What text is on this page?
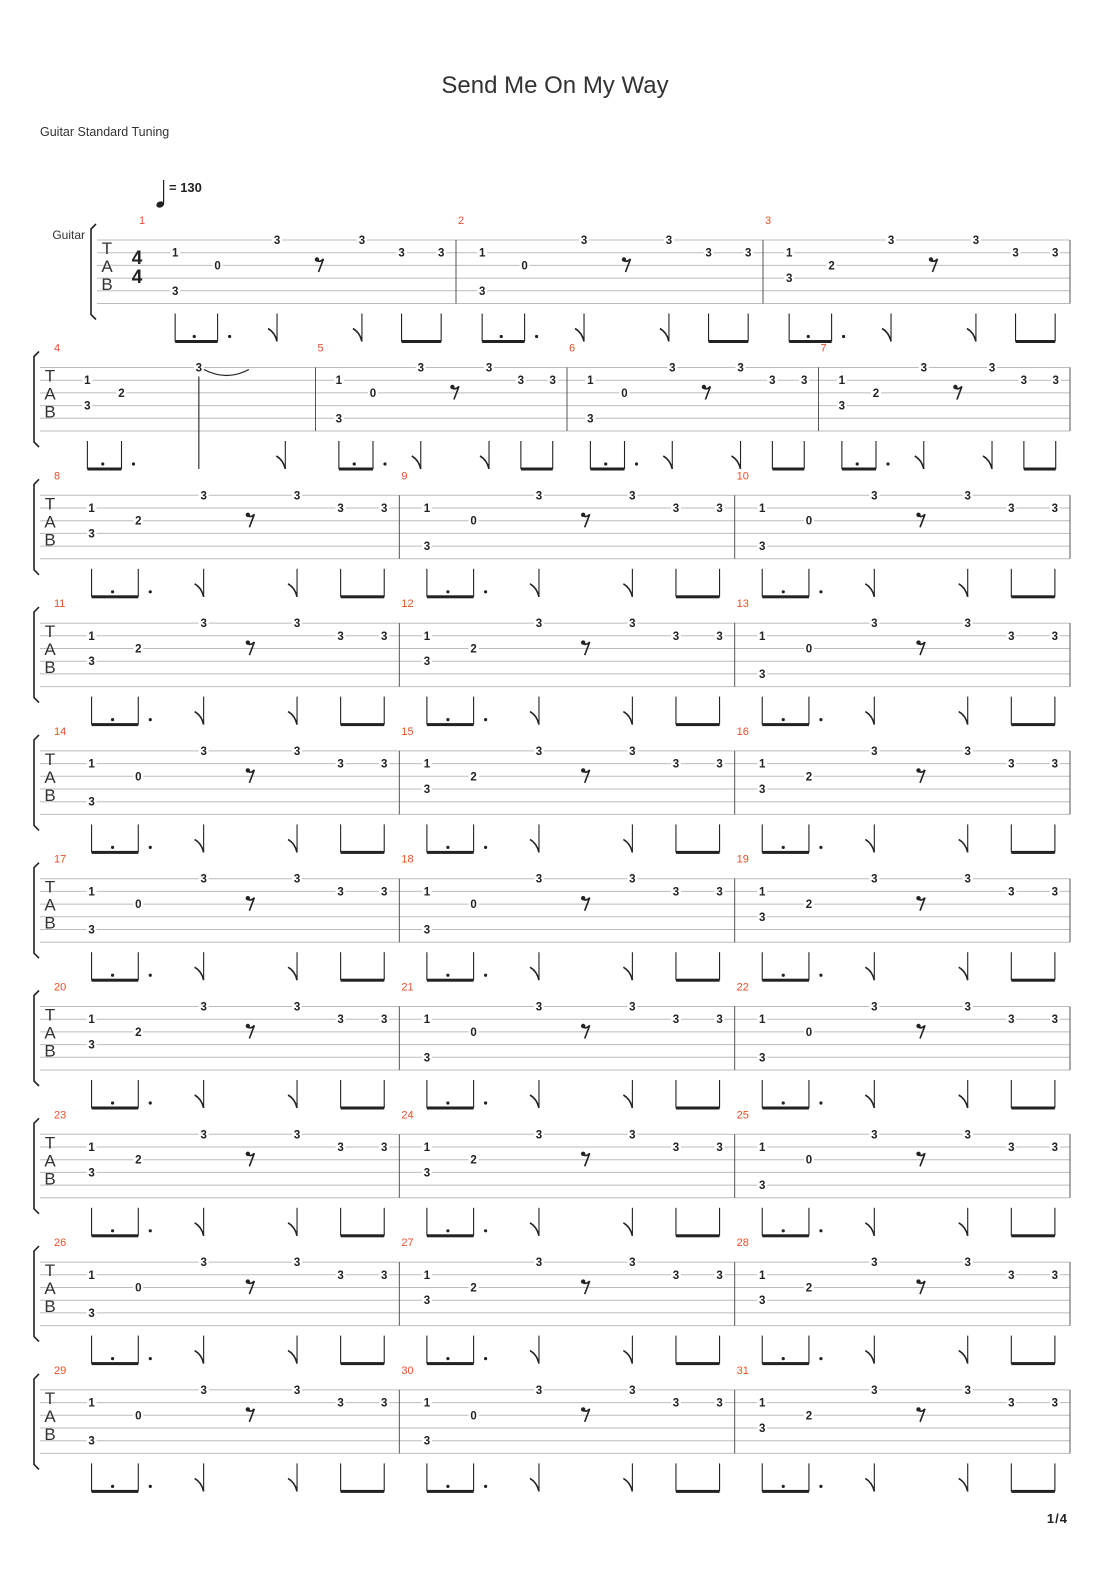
Send Me On My Way
Guitar Standard Tuning
= 130
Guitar
T
A
B
4
4
1
1
3
0
3	3
3	3
2
1
3
0
3	3
3	3
3
1
3
2
3	3
3	3
T
A
B
4
1
3
2
3
5
1
3
0
3	3
3 3
6
1
3
0
3	3
3 3
7
1
3
2
3	3
3 3
T
A
B
8
1
3
2
3	3
3	3
9
1
3
0
3	3
3	3
10
1
3
0
3	3
3	3
T
A
B
11
1
3
2
3	3
3	3
12
1
3
2
3	3
3	3
13
1
3
0
3	3
3	3
T
A
B
14
1
3
0
3	3
3	3
15
1
3
2
3	3
3	3
16
1
3
2
3	3
3	3
T
A
B
17
1
3
0
3	3
3	3
18
1
3
0
3	3
3	3
19
1
3
2
3	3
3	3
T
A
B
20
1
3
2
3	3
3	3
21
1
3
0
3	3
3	3
22
1
3
0
3	3
3	3
T
A
B
23
1
3
2
3	3
3	3
24
1
3
2
3	3
3	3
25
1
3
0
3	3
3	3
T
A
B
26
1
3
0
3	3
3	3
27
1
3
2
3	3
3	3
28
1
3
2
3	3
3	3
T
A
B
29
1
3
0
3	3
3	3
30
1
3
0
3	3
3	3
31
1
3
2
3	3
3	3
1/4
